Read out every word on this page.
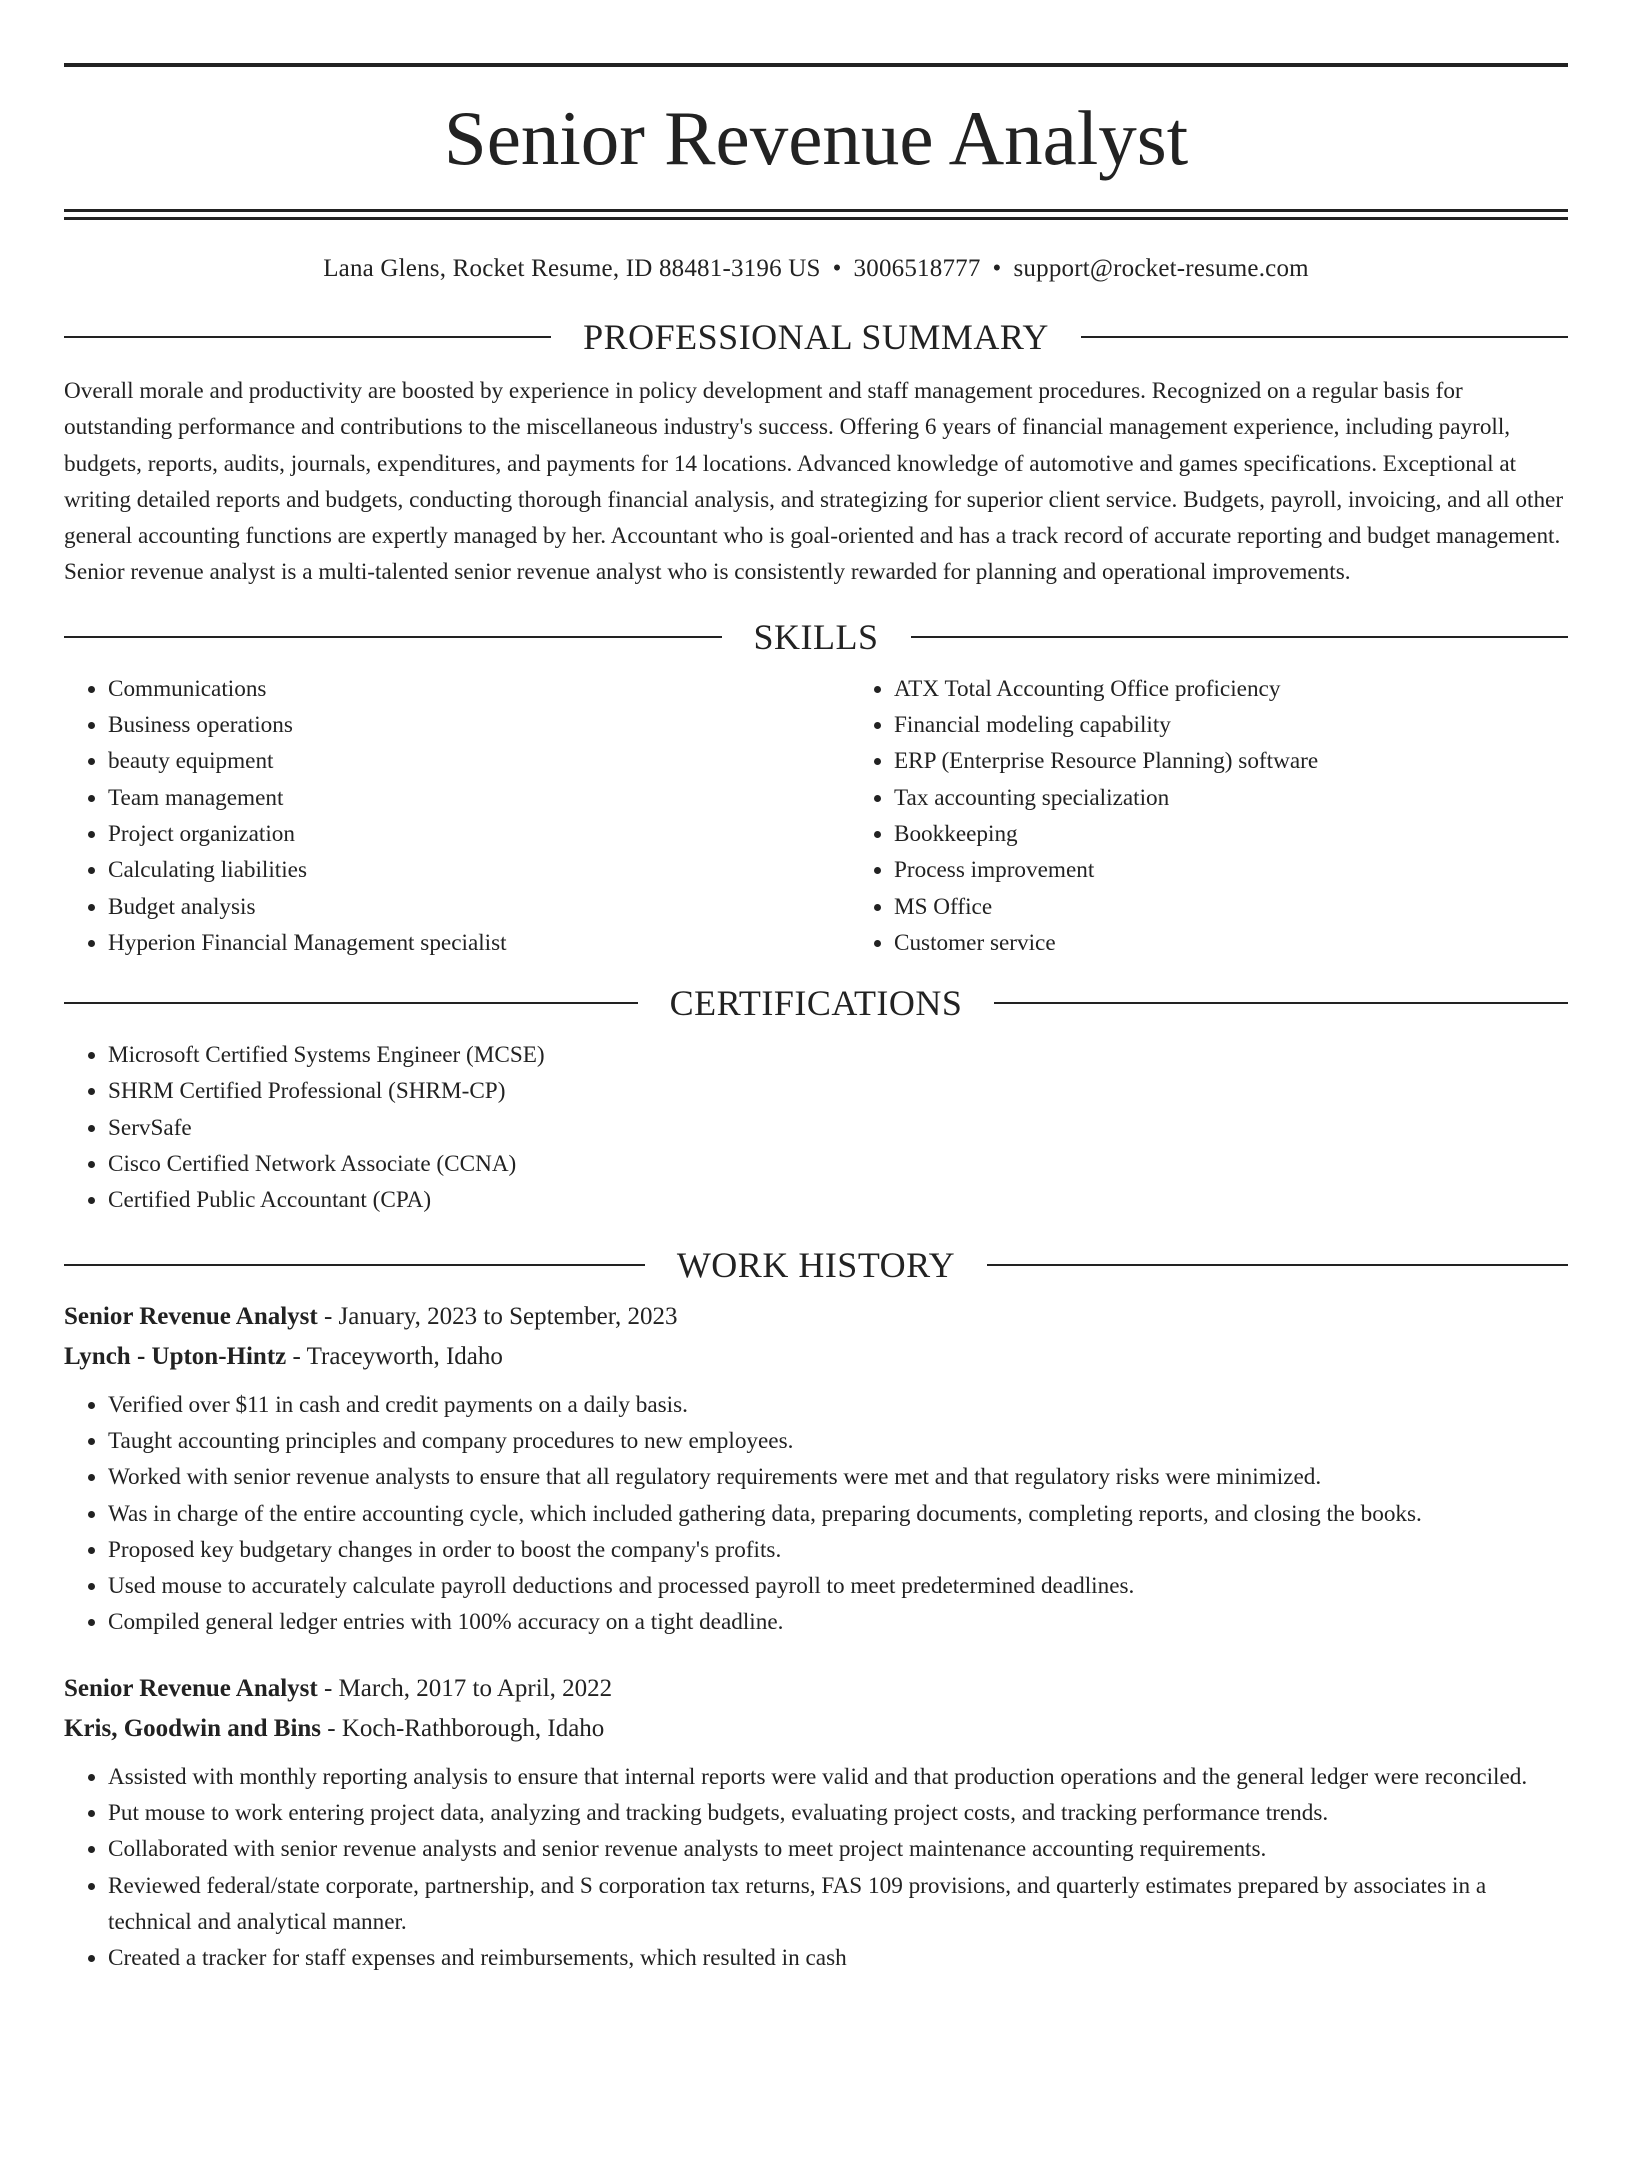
Senior Revenue Analyst
Lana Glens, Rocket Resume, ID 88481-3196 US • 3006518777 • support@rocket-resume.com
PROFESSIONAL SUMMARY

Overall morale and productivity are boosted by experience in policy development and staff management procedures. Recognized on a regular basis for outstanding performance and contributions to the miscellaneous industry's success. Offering 6 years of financial management experience, including payroll, budgets, reports, audits, journals, expenditures, and payments for 14 locations. Advanced knowledge of automotive and games specifications. Exceptional at writing detailed reports and budgets, conducting thorough financial analysis, and strategizing for superior client service. Budgets, payroll, invoicing, and all other general accounting functions are expertly managed by her. Accountant who is goal-oriented and has a track record of accurate reporting and budget management. Senior revenue analyst is a multi-talented senior revenue analyst who is consistently rewarded for planning and operational improvements.

SKILLS
• Communications
• Business operations
• beauty equipment
• Team management
• Project organization
• Calculating liabilities
• Budget analysis
• Hyperion Financial Management specialist
• ATX Total Accounting Office proficiency
• Financial modeling capability
• ERP (Enterprise Resource Planning) software
• Tax accounting specialization
• Bookkeeping
• Process improvement
• MS Office
• Customer service
CERTIFICATIONS
• Microsoft Certified Systems Engineer (MCSE)
• SHRM Certified Professional (SHRM-CP)
• ServSafe
• Cisco Certified Network Associate (CCNA)
• Certified Public Accountant (CPA)
WORK HISTORY

Senior Revenue Analyst - January, 2023 to September, 2023

Lynch - Upton-Hintz - Traceyworth, Idaho

• Verified over $11 in cash and credit payments on a daily basis.
• Taught accounting principles and company procedures to new employees.
• Worked with senior revenue analysts to ensure that all regulatory requirements were met and that regulatory risks were minimized.
• Was in charge of the entire accounting cycle, which included gathering data, preparing documents, completing reports, and closing the books.
• Proposed key budgetary changes in order to boost the company's profits.
• Used mouse to accurately calculate payroll deductions and processed payroll to meet predetermined deadlines.
• Compiled general ledger entries with 100% accuracy on a tight deadline.

Senior Revenue Analyst - March, 2017 to April, 2022

Kris, Goodwin and Bins - Koch-Rathborough, Idaho

• Assisted with monthly reporting analysis to ensure that internal reports were valid and that production operations and the general ledger were reconciled.
• Put mouse to work entering project data, analyzing and tracking budgets, evaluating project costs, and tracking performance trends.
• Collaborated with senior revenue analysts and senior revenue analysts to meet project maintenance accounting requirements.
• Reviewed federal/state corporate, partnership, and S corporation tax returns, FAS 109 provisions, and quarterly estimates prepared by associates in a technical and analytical manner.
• Created a tracker for staff expenses and reimbursements, which resulted in cash
